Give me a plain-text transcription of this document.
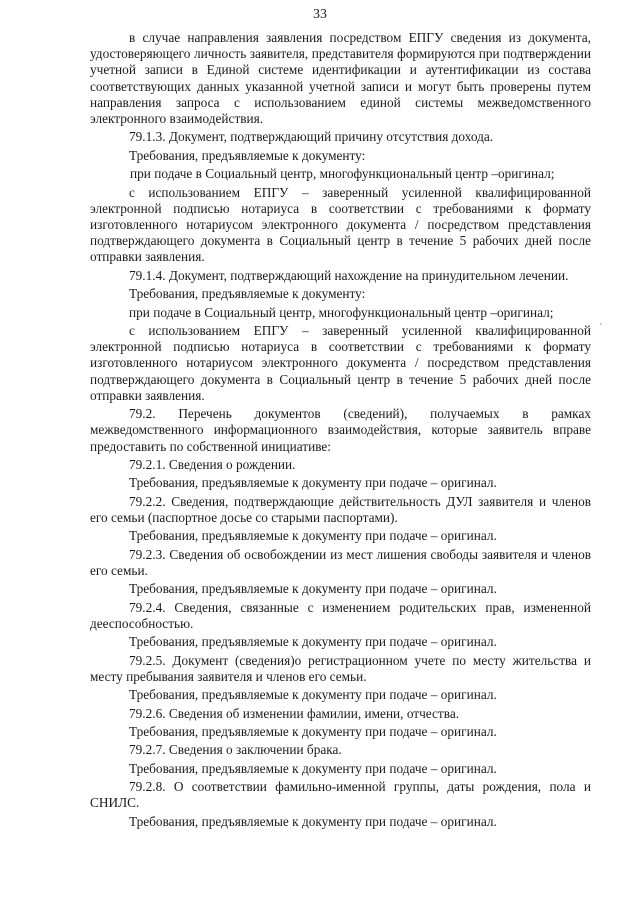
33

в случае направления заявления посредством ЕПГУ сведения из документа, удостоверяющего личность заявителя, представителя формируются при подтверждении учетной записи в Единой системе идентификации и аутентификации из состава соответствующих данных указанной учетной записи и могут быть проверены путем направления запроса с использованием единой системы межведомственного электронного взаимодействия.

79.1.3. Документ, подтверждающий причину отсутствия дохода.

Требования, предъявляемые к документу:

при подаче в Социальный центр, многофункциональный центр –оригинал;

с использованием ЕПГУ – заверенный усиленной квалифицированной электронной подписью нотариуса в соответствии с требованиями к формату изготовленного нотариусом электронного документа / посредством представления подтверждающего документа в Социальный центр в течение 5 рабочих дней после отправки заявления.

79.1.4. Документ, подтверждающий нахождение на принудительном лечении.

Требования, предъявляемые к документу:

при подаче в Социальный центр, многофункциональный центр –оригинал;

с использованием ЕПГУ – заверенный усиленной квалифицированной электронной подписью нотариуса в соответствии с требованиями к формату изготовленного нотариусом электронного документа / посредством представления подтверждающего документа в Социальный центр в течение 5 рабочих дней после отправки заявления.

79.2. Перечень документов (сведений), получаемых в рамках межведомственного информационного взаимодействия, которые заявитель вправе предоставить по собственной инициативе:

79.2.1. Сведения о рождении.

Требования, предъявляемые к документу при подаче – оригинал.

79.2.2. Сведения, подтверждающие действительность ДУЛ заявителя и членов его семьи (паспортное досье со старыми паспортами).

Требования, предъявляемые к документу при подаче – оригинал.

79.2.3. Сведения об освобождении из мест лишения свободы заявителя и членов его семьи.

Требования, предъявляемые к документу при подаче – оригинал.

79.2.4. Сведения, связанные с изменением родительских прав, измененной дееспособностью.

Требования, предъявляемые к документу при подаче – оригинал.

79.2.5. Документ (сведения)о регистрационном учете по месту жительства и месту пребывания заявителя и членов его семьи.

Требования, предъявляемые к документу при подаче – оригинал.

79.2.6. Сведения об изменении фамилии, имени, отчества.

Требования, предъявляемые к документу при подаче – оригинал.

79.2.7. Сведения о заключении брака.

Требования, предъявляемые к документу при подаче – оригинал.

79.2.8. О соответствии фамильно-именной группы, даты рождения, пола и СНИЛС.

Требования, предъявляемые к документу при подаче – оригинал.
